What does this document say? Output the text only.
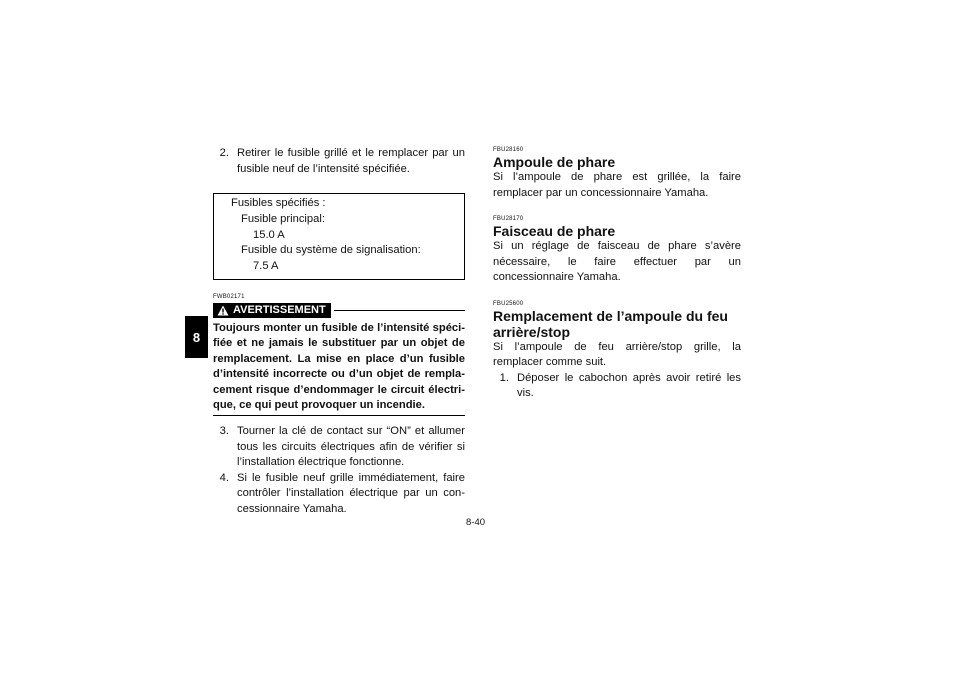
8
2. Retirer le fusible grillé et le remplacer par un fusible neuf de l’intensité spécifiée.
Fusibles spécifiés :
Fusible principal:
15.0 A
Fusible du système de signalisation:
7.5 A
FWB02171
AVERTISSEMENT
Toujours monter un fusible de l’intensité spécifiée et ne jamais le substituer par un objet de remplacement. La mise en place d’un fusible d’intensité incorrecte ou d’un objet de remplacement risque d’endommager le circuit électrique, ce qui peut provoquer un incendie.
3. Tourner la clé de contact sur “ON” et allumer tous les circuits électriques afin de vérifier si l’installation électrique fonctionne.
4. Si le fusible neuf grille immédiatement, faire contrôler l’installation électrique par un concessionnaire Yamaha.
FBU28160
Ampoule de phare
Si l’ampoule de phare est grillée, la faire remplacer par un concessionnaire Yamaha.
FBU28170
Faisceau de phare
Si un réglage de faisceau de phare s’avère nécessaire, le faire effectuer par un concessionnaire Yamaha.
FBU25600
Remplacement de l’ampoule du feu arrière/stop
Si l’ampoule de feu arrière/stop grille, la remplacer comme suit.
1. Déposer le cabochon après avoir retiré les vis.
8-40
